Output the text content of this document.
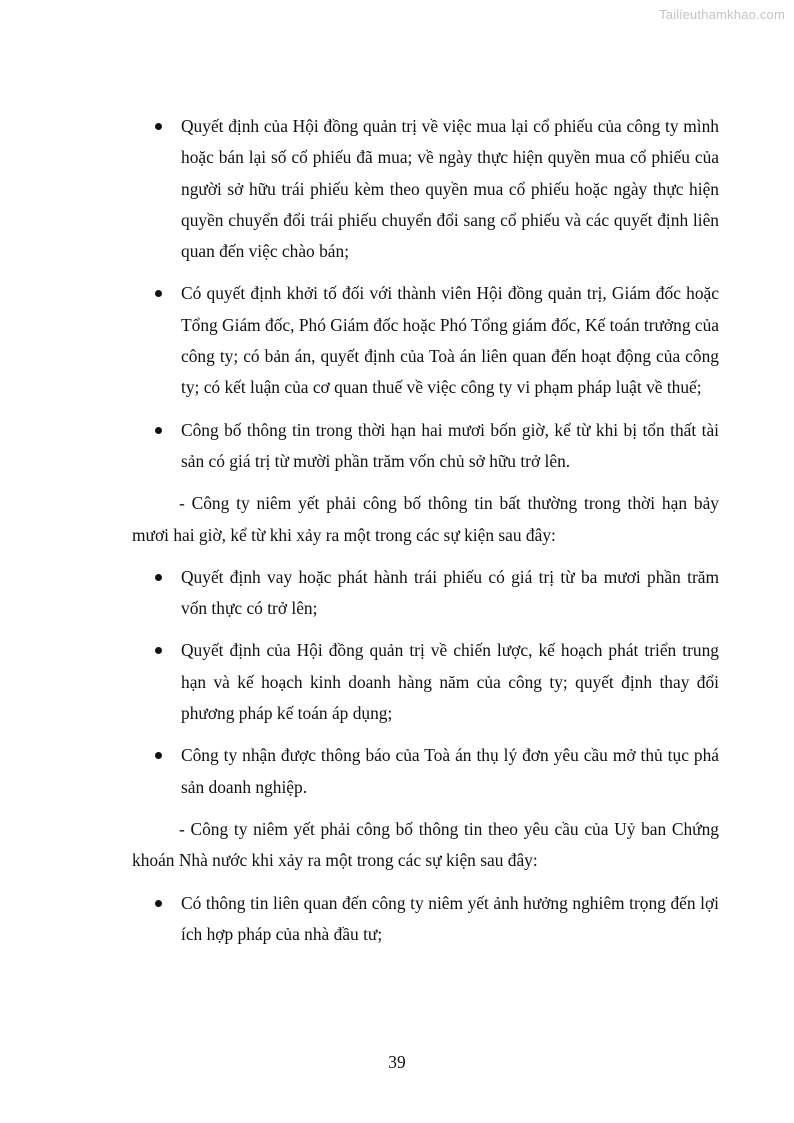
Tailieuthamkhao.com
Quyết định của Hội đồng quản trị về việc mua lại cổ phiếu của công ty mình hoặc bán lại số cổ phiếu đã mua; về ngày thực hiện quyền mua cổ phiếu của người sở hữu trái phiếu kèm theo quyền mua cổ phiếu hoặc ngày thực hiện quyền chuyển đổi trái phiếu chuyển đổi sang cổ phiếu và các quyết định liên quan đến việc chào bán;
Có quyết định khởi tố đối với thành viên Hội đồng quản trị, Giám đốc hoặc Tổng Giám đốc, Phó Giám đốc hoặc Phó Tổng giám đốc, Kế toán trưởng của công ty; có bản án, quyết định của Toà án liên quan đến hoạt động của công ty; có kết luận của cơ quan thuế về việc công ty vi phạm pháp luật về thuế;
Công bố thông tin trong thời hạn hai mươi bốn giờ, kể từ khi bị tổn thất tài sản có giá trị từ mười phần trăm vốn chủ sở hữu trở lên.
- Công ty niêm yết phải công bố thông tin bất thường trong thời hạn bảy mươi hai giờ, kể từ khi xảy ra một trong các sự kiện sau đây:
Quyết định vay hoặc phát hành trái phiếu có giá trị từ ba mươi phần trăm vốn thực có trở lên;
Quyết định của Hội đồng quản trị về chiến lược, kế hoạch phát triển trung hạn và kế hoạch kinh doanh hàng năm của công ty; quyết định thay đổi phương pháp kế toán áp dụng;
Công ty nhận được thông báo của Toà án thụ lý đơn yêu cầu mở thủ tục phá sản doanh nghiệp.
- Công ty niêm yết phải công bố thông tin theo yêu cầu của Uỷ ban Chứng khoán Nhà nước khi xảy ra một trong các sự kiện sau đây:
Có thông tin liên quan đến công ty niêm yết ảnh hưởng nghiêm trọng đến lợi ích hợp pháp của nhà đầu tư;
39
